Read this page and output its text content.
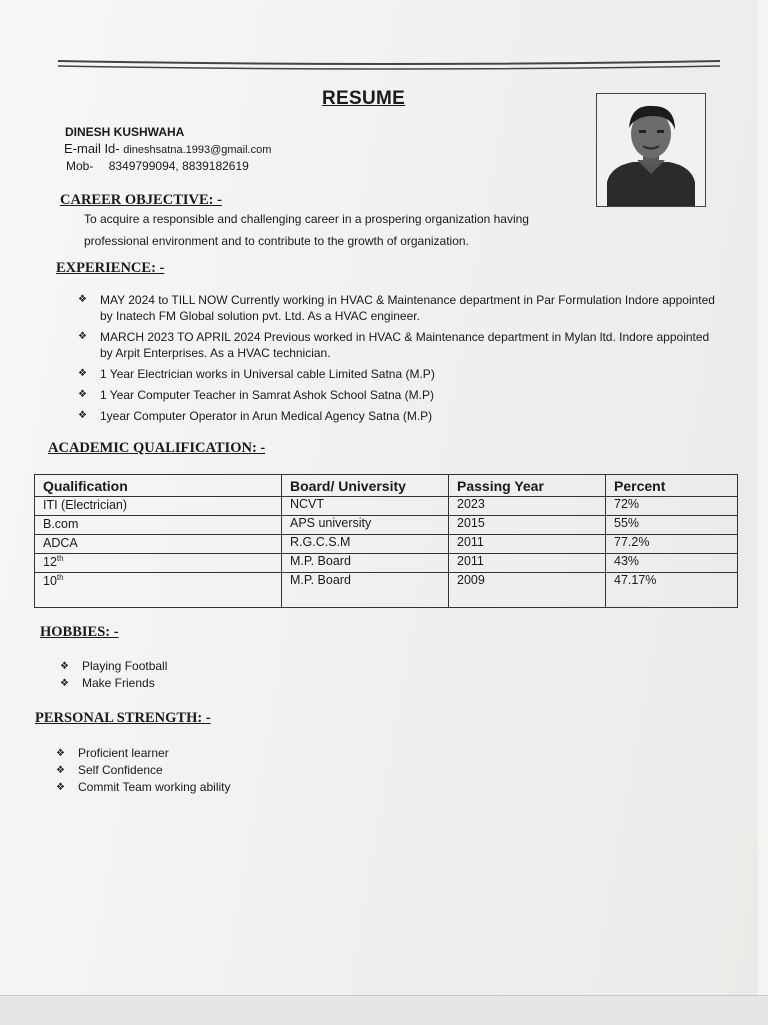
RESUME
DINESH KUSHWAHA
E-mail Id- dineshsatna.1993@gmail.com
Mob- 8349799094, 8839182619
CAREER OBJECTIVE: -
To acquire a responsible and challenging career in a prospering organization having
professional environment and to contribute to the growth of organization.
EXPERIENCE: -
❖ MAY 2024 to TILL NOW Currently working in HVAC & Maintenance department in Par Formulation Indore appointed by Inatech FM Global solution pvt. Ltd. As a HVAC engineer.
❖ MARCH 2023 TO APRIL 2024 Previous worked in HVAC & Maintenance department in Mylan ltd. Indore appointed by Arpit Enterprises. As a HVAC technician.
❖ 1 Year Electrician works in Universal cable Limited Satna (M.P)
❖ 1 Year Computer Teacher in Samrat Ashok School Satna (M.P)
❖ 1year Computer Operator in Arun Medical Agency Satna (M.P)
ACADEMIC QUALIFICATION: -
Qualification	Board/ University	Passing Year	Percent
ITI (Electrician)	NCVT	2023	72%
B.com	APS university	2015	55%
ADCA	R.G.C.S.M	2011	77.2%
12th	M.P. Board	2011	43%
10th	M.P. Board	2009	47.17%
HOBBIES: -
❖ Playing Football
❖ Make Friends
PERSONAL STRENGTH: -
❖ Proficient learner
❖ Self Confidence
❖ Commit Team working ability
